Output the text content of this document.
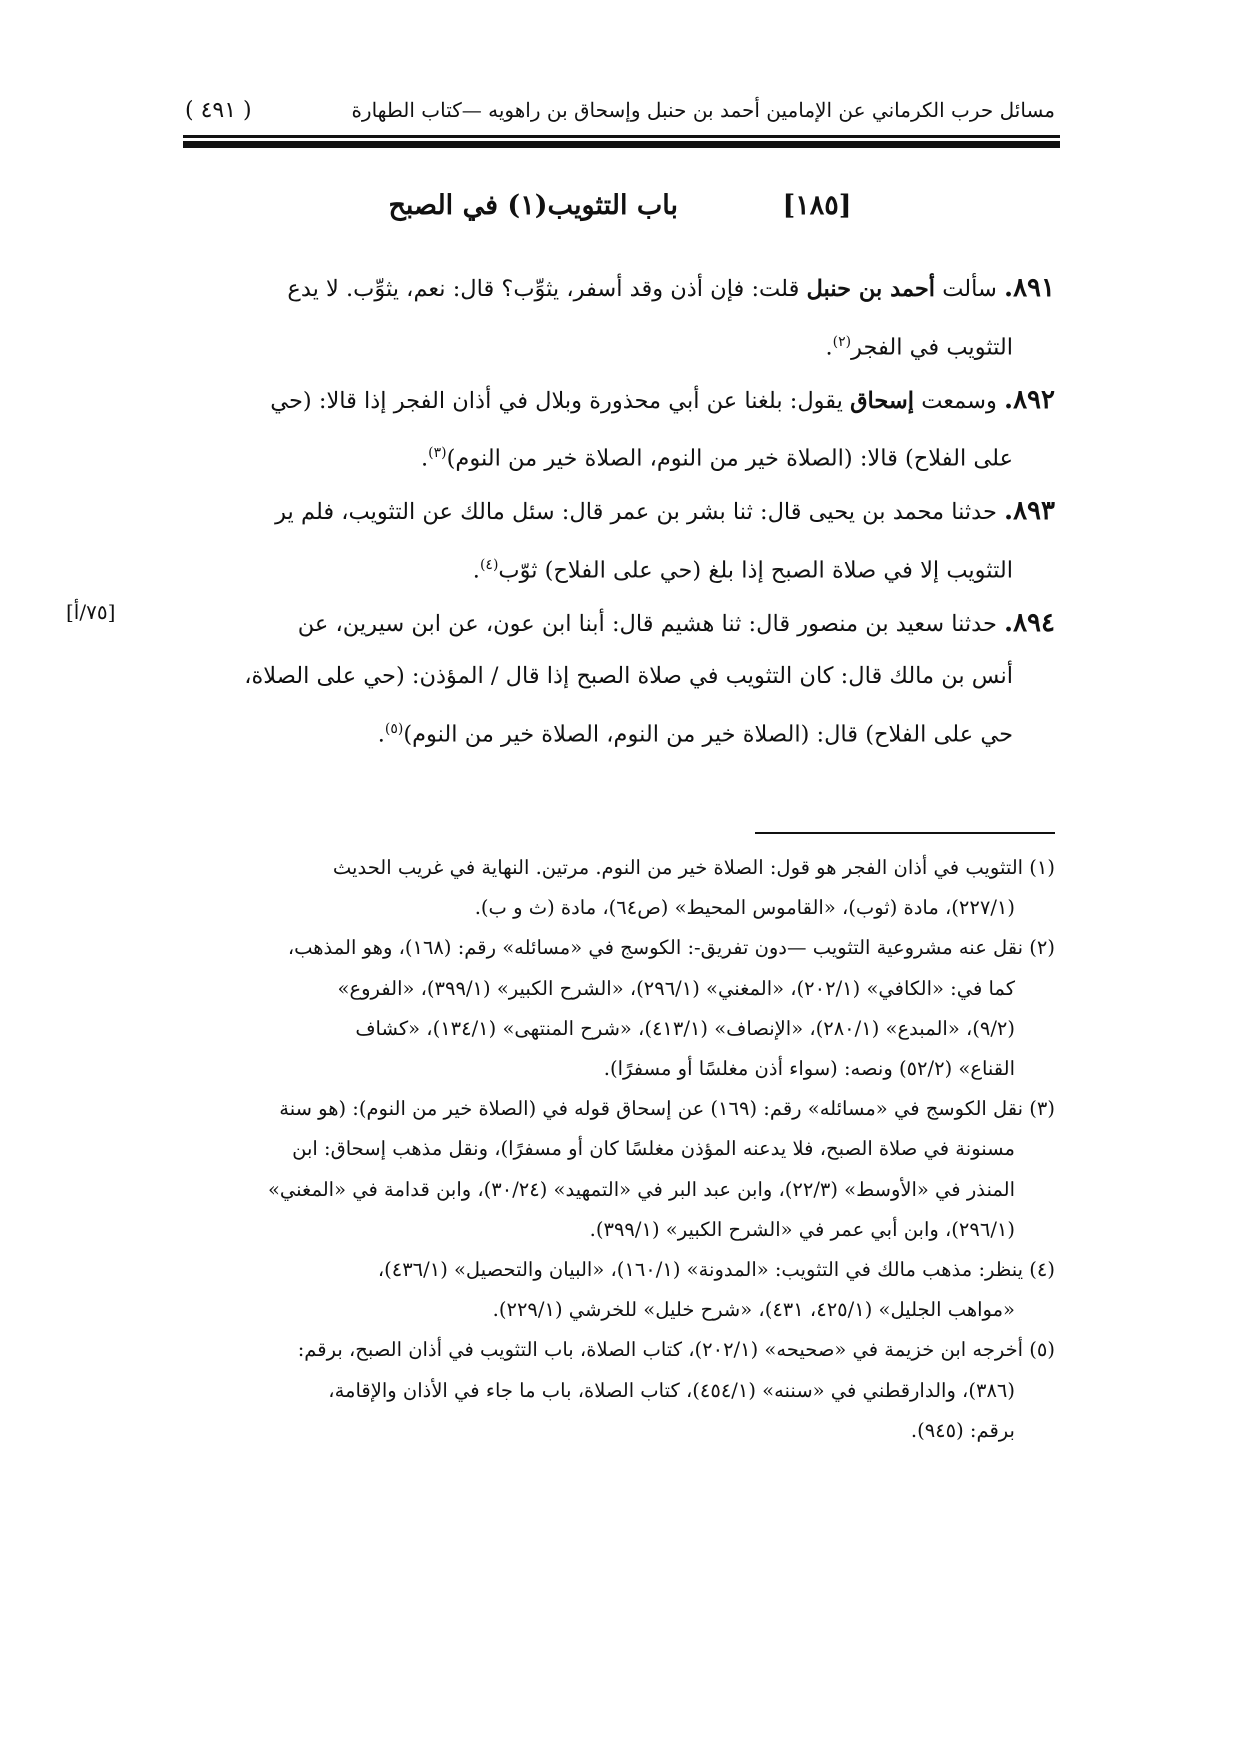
مسائل حرب الكرماني عن الإمامين أحمد بن حنبل وإسحاق بن راهويه —كتاب الطهارة
( ٤٩١ )
[١٨٥] باب التثويب(١) في الصبح

٨٩١. سألت أحمد بن حنبل قلت: فإن أذن وقد أسفر، يثوِّب؟ قال: نعم، يثوِّب. لا يدع
التثويب في الفجر$^{(٢)}$.

٨٩٢. وسمعت إسحاق يقول: بلغنا عن أبي محذورة وبلال في أذان الفجر إذا قالا: (حي
على الفلاح) قالا: (الصلاة خير من النوم، الصلاة خير من النوم)$^{(٣)}$.

٨٩٣. حدثنا محمد بن يحيى قال: ثنا بشر بن عمر قال: سئل مالك عن التثويب، فلم ير
التثويب إلا في صلاة الصبح إذا بلغ (حي على الفلاح) ثوّب$^{(٤)}$.

٨٩٤. حدثنا سعيد بن منصور قال: ثنا هشيم قال: أبنا ابن عون، عن ابن سيرين، عن
أنس بن مالك قال: كان التثويب في صلاة الصبح إذا قال / المؤذن: (حي على الصلاة،
حي على الفلاح) قال: (الصلاة خير من النوم، الصلاة خير من النوم)$^{(٥)}$.

[٧٥/أ]

(١) التثويب في أذان الفجر هو قول: الصلاة خير من النوم. مرتين. النهاية في غريب الحديث
(٢٢٧/١)، مادة (ثوب)، «القاموس المحيط» (ص٦٤)، مادة (ث و ب).

(٢) نقل عنه مشروعية التثويب —دون تفريق-: الكوسج في «مسائله» رقم: (١٦٨)، وهو المذهب،
كما في: «الكافي» (٢٠٢/١)، «المغني» (٢٩٦/١)، «الشرح الكبير» (٣٩٩/١)، «الفروع»
(٩/٢)، «المبدع» (٢٨٠/١)، «الإنصاف» (٤١٣/١)، «شرح المنتهى» (١٣٤/١)، «كشاف
القناع» (٥٢/٢) ونصه: (سواء أذن مغلسًا أو مسفرًا).

(٣) نقل الكوسج في «مسائله» رقم: (١٦٩) عن إسحاق قوله في (الصلاة خير من النوم): (هو سنة
مسنونة في صلاة الصبح، فلا يدعنه المؤذن مغلسًا كان أو مسفرًا)، ونقل مذهب إسحاق: ابن
المنذر في «الأوسط» (٢٢/٣)، وابن عبد البر في «التمهيد» (٣٠/٢٤)، وابن قدامة في «المغني»
(٢٩٦/١)، وابن أبي عمر في «الشرح الكبير» (٣٩٩/١).

(٤) ينظر: مذهب مالك في التثويب: «المدونة» (١٦٠/١)، «البيان والتحصيل» (٤٣٦/١)،
«مواهب الجليل» (٤٢٥/١، ٤٣١)، «شرح خليل» للخرشي (٢٢٩/١).

(٥) أخرجه ابن خزيمة في «صحيحه» (٢٠٢/١)، كتاب الصلاة، باب التثويب في أذان الصبح، برقم:
(٣٨٦)، والدارقطني في «سننه» (٤٥٤/١)، كتاب الصلاة، باب ما جاء في الأذان والإقامة،
برقم: (٩٤٥).
